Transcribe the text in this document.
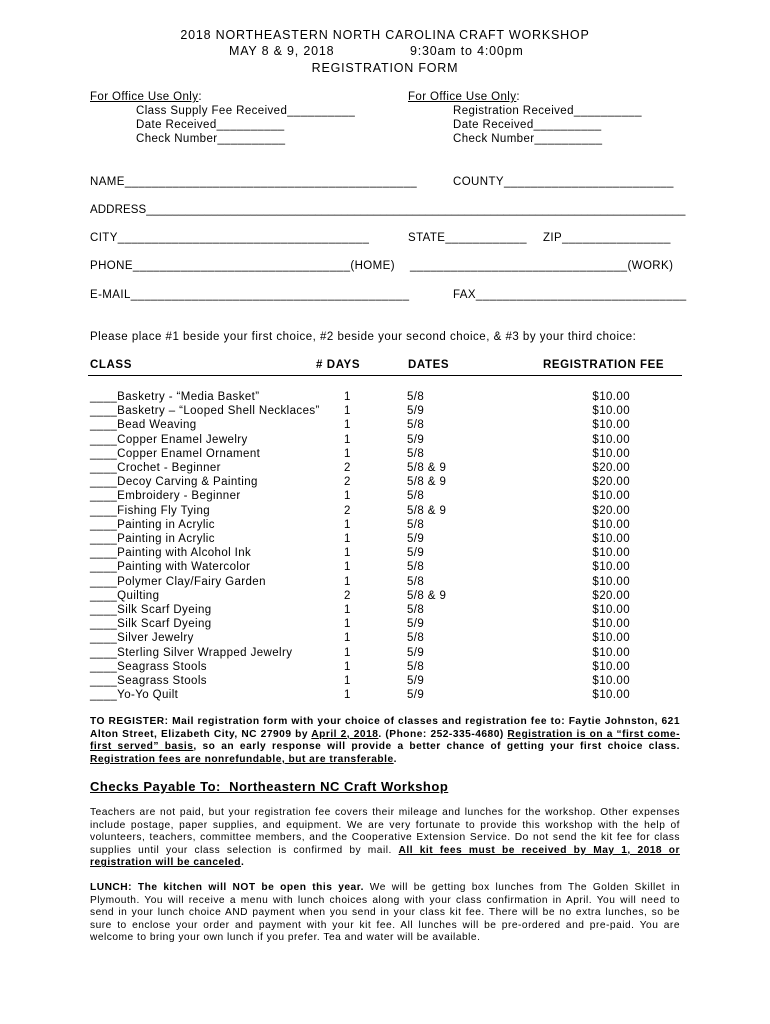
2018 NORTHEASTERN NORTH CAROLINA CRAFT WORKSHOP
MAY 8 & 9, 2018	9:30am to 4:00pm
REGISTRATION FORM
For Office Use Only:
Class Supply Fee Received__________
Date Received__________
Check Number__________
For Office Use Only:
Registration Received__________
Date Received__________
Check Number__________
NAME___________________________________________	COUNTY_________________________
ADDRESS___________________________________________________________________________________
CITY_____________________________________	STATE____________ ZIP________________
PHONE________________________________(HOME) ________________________________(WORK)
E-MAIL_________________________________________	FAX_______________________________
Please place #1 beside your first choice, #2 beside your second choice, & #3 by your third choice:
CLASS	# DAYS	DATES	REGISTRATION FEE
____Basketry - “Media Basket”	1	5/8	$10.00
____Basketry – “Looped Shell Necklaces” 1	5/9	$10.00
____Bead Weaving	1	5/8	$10.00
____Copper Enamel Jewelry	1	5/9	$10.00
____Copper Enamel Ornament	1	5/8	$10.00
____Crochet - Beginner	2	5/8 & 9	$20.00
____Decoy Carving & Painting	2	5/8 & 9	$20.00
____Embroidery - Beginner	1	5/8	$10.00
____Fishing Fly Tying	2	5/8 & 9	$20.00
____Painting in Acrylic	1	5/8	$10.00
____Painting in Acrylic	1	5/9	$10.00
____Painting with Alcohol Ink	1	5/9	$10.00
____Painting with Watercolor	1	5/8	$10.00
____Polymer Clay/Fairy Garden	1	5/8	$10.00
____Quilting	2	5/8 & 9	$20.00
____Silk Scarf Dyeing	1	5/8	$10.00
____Silk Scarf Dyeing	1	5/9	$10.00
____Silver Jewelry	1	5/8	$10.00
____Sterling Silver Wrapped Jewelry	1	5/9	$10.00
____Seagrass Stools	1	5/8	$10.00
____Seagrass Stools	1	5/9	$10.00
____Yo-Yo Quilt	1	5/9	$10.00
TO REGISTER: Mail registration form with your choice of classes and registration fee to: Faytie Johnston, 621 Alton Street, Elizabeth City, NC 27909 by April 2, 2018. (Phone: 252-335-4680) Registration is on a “first come-first served” basis, so an early response will provide a better chance of getting your first choice class. Registration fees are nonrefundable, but are transferable.
Checks Payable To:  Northeastern NC Craft Workshop
Teachers are not paid, but your registration fee covers their mileage and lunches for the workshop. Other expenses include postage, paper supplies, and equipment. We are very fortunate to provide this workshop with the help of volunteers, teachers, committee members, and the Cooperative Extension Service. Do not send the kit fee for class supplies until your class selection is confirmed by mail. All kit fees must be received by May 1, 2018 or registration will be canceled.
LUNCH: The kitchen will NOT be open this year. We will be getting box lunches from The Golden Skillet in Plymouth. You will receive a menu with lunch choices along with your class confirmation in April. You will need to send in your lunch choice AND payment when you send in your class kit fee. There will be no extra lunches, so be sure to enclose your order and payment with your kit fee. All lunches will be pre-ordered and pre-paid. You are welcome to bring your own lunch if you prefer. Tea and water will be available.
